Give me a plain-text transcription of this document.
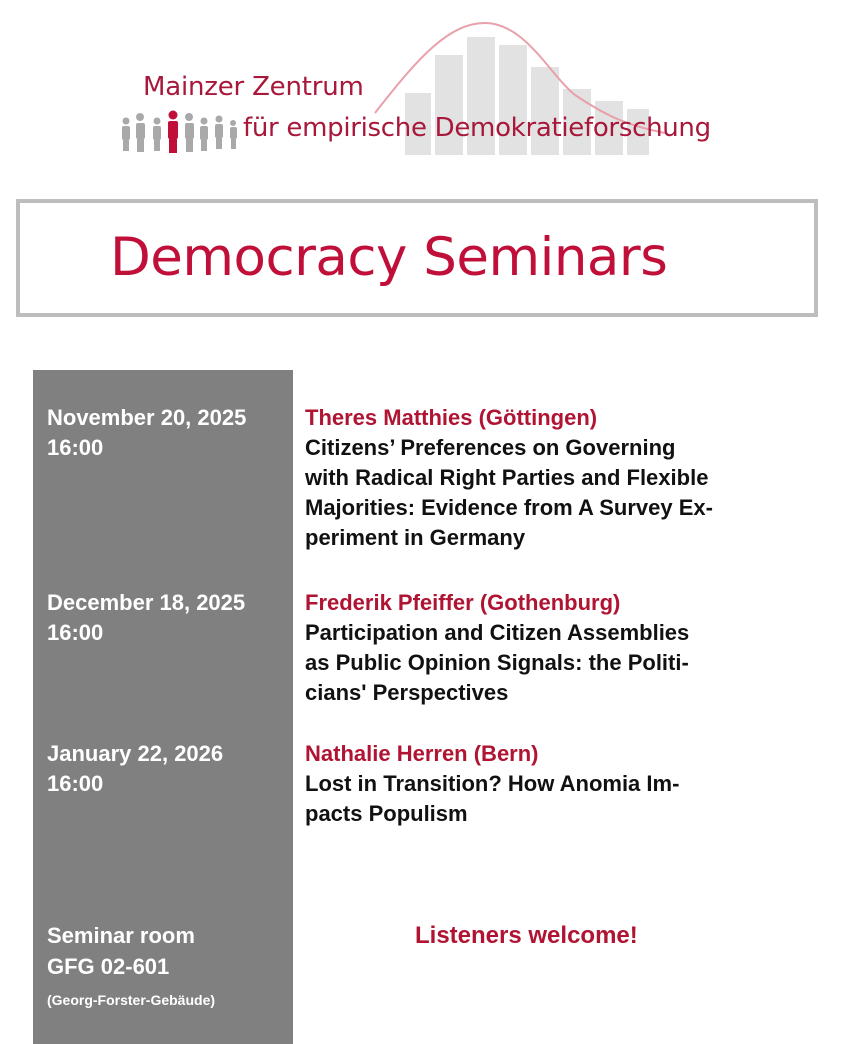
Mainzer Zentrum
für empirische Demokratieforschung
Democracy Seminars
November 20, 2025
16:00
Theres Matthies (Göttingen)
Citizens’ Preferences on Governing
with Radical Right Parties and Flexible
Majorities: Evidence from A Survey Ex-
periment in Germany
December 18, 2025
16:00
Frederik Pfeiffer (Gothenburg)
Participation and Citizen Assemblies
as Public Opinion Signals: the Politi-
cians' Perspectives
January 22, 2026
16:00
Nathalie Herren (Bern)
Lost in Transition? How Anomia Im-
pacts Populism
Seminar room
GFG 02-601
(Georg-Forster-Gebäude)
Listeners welcome!
